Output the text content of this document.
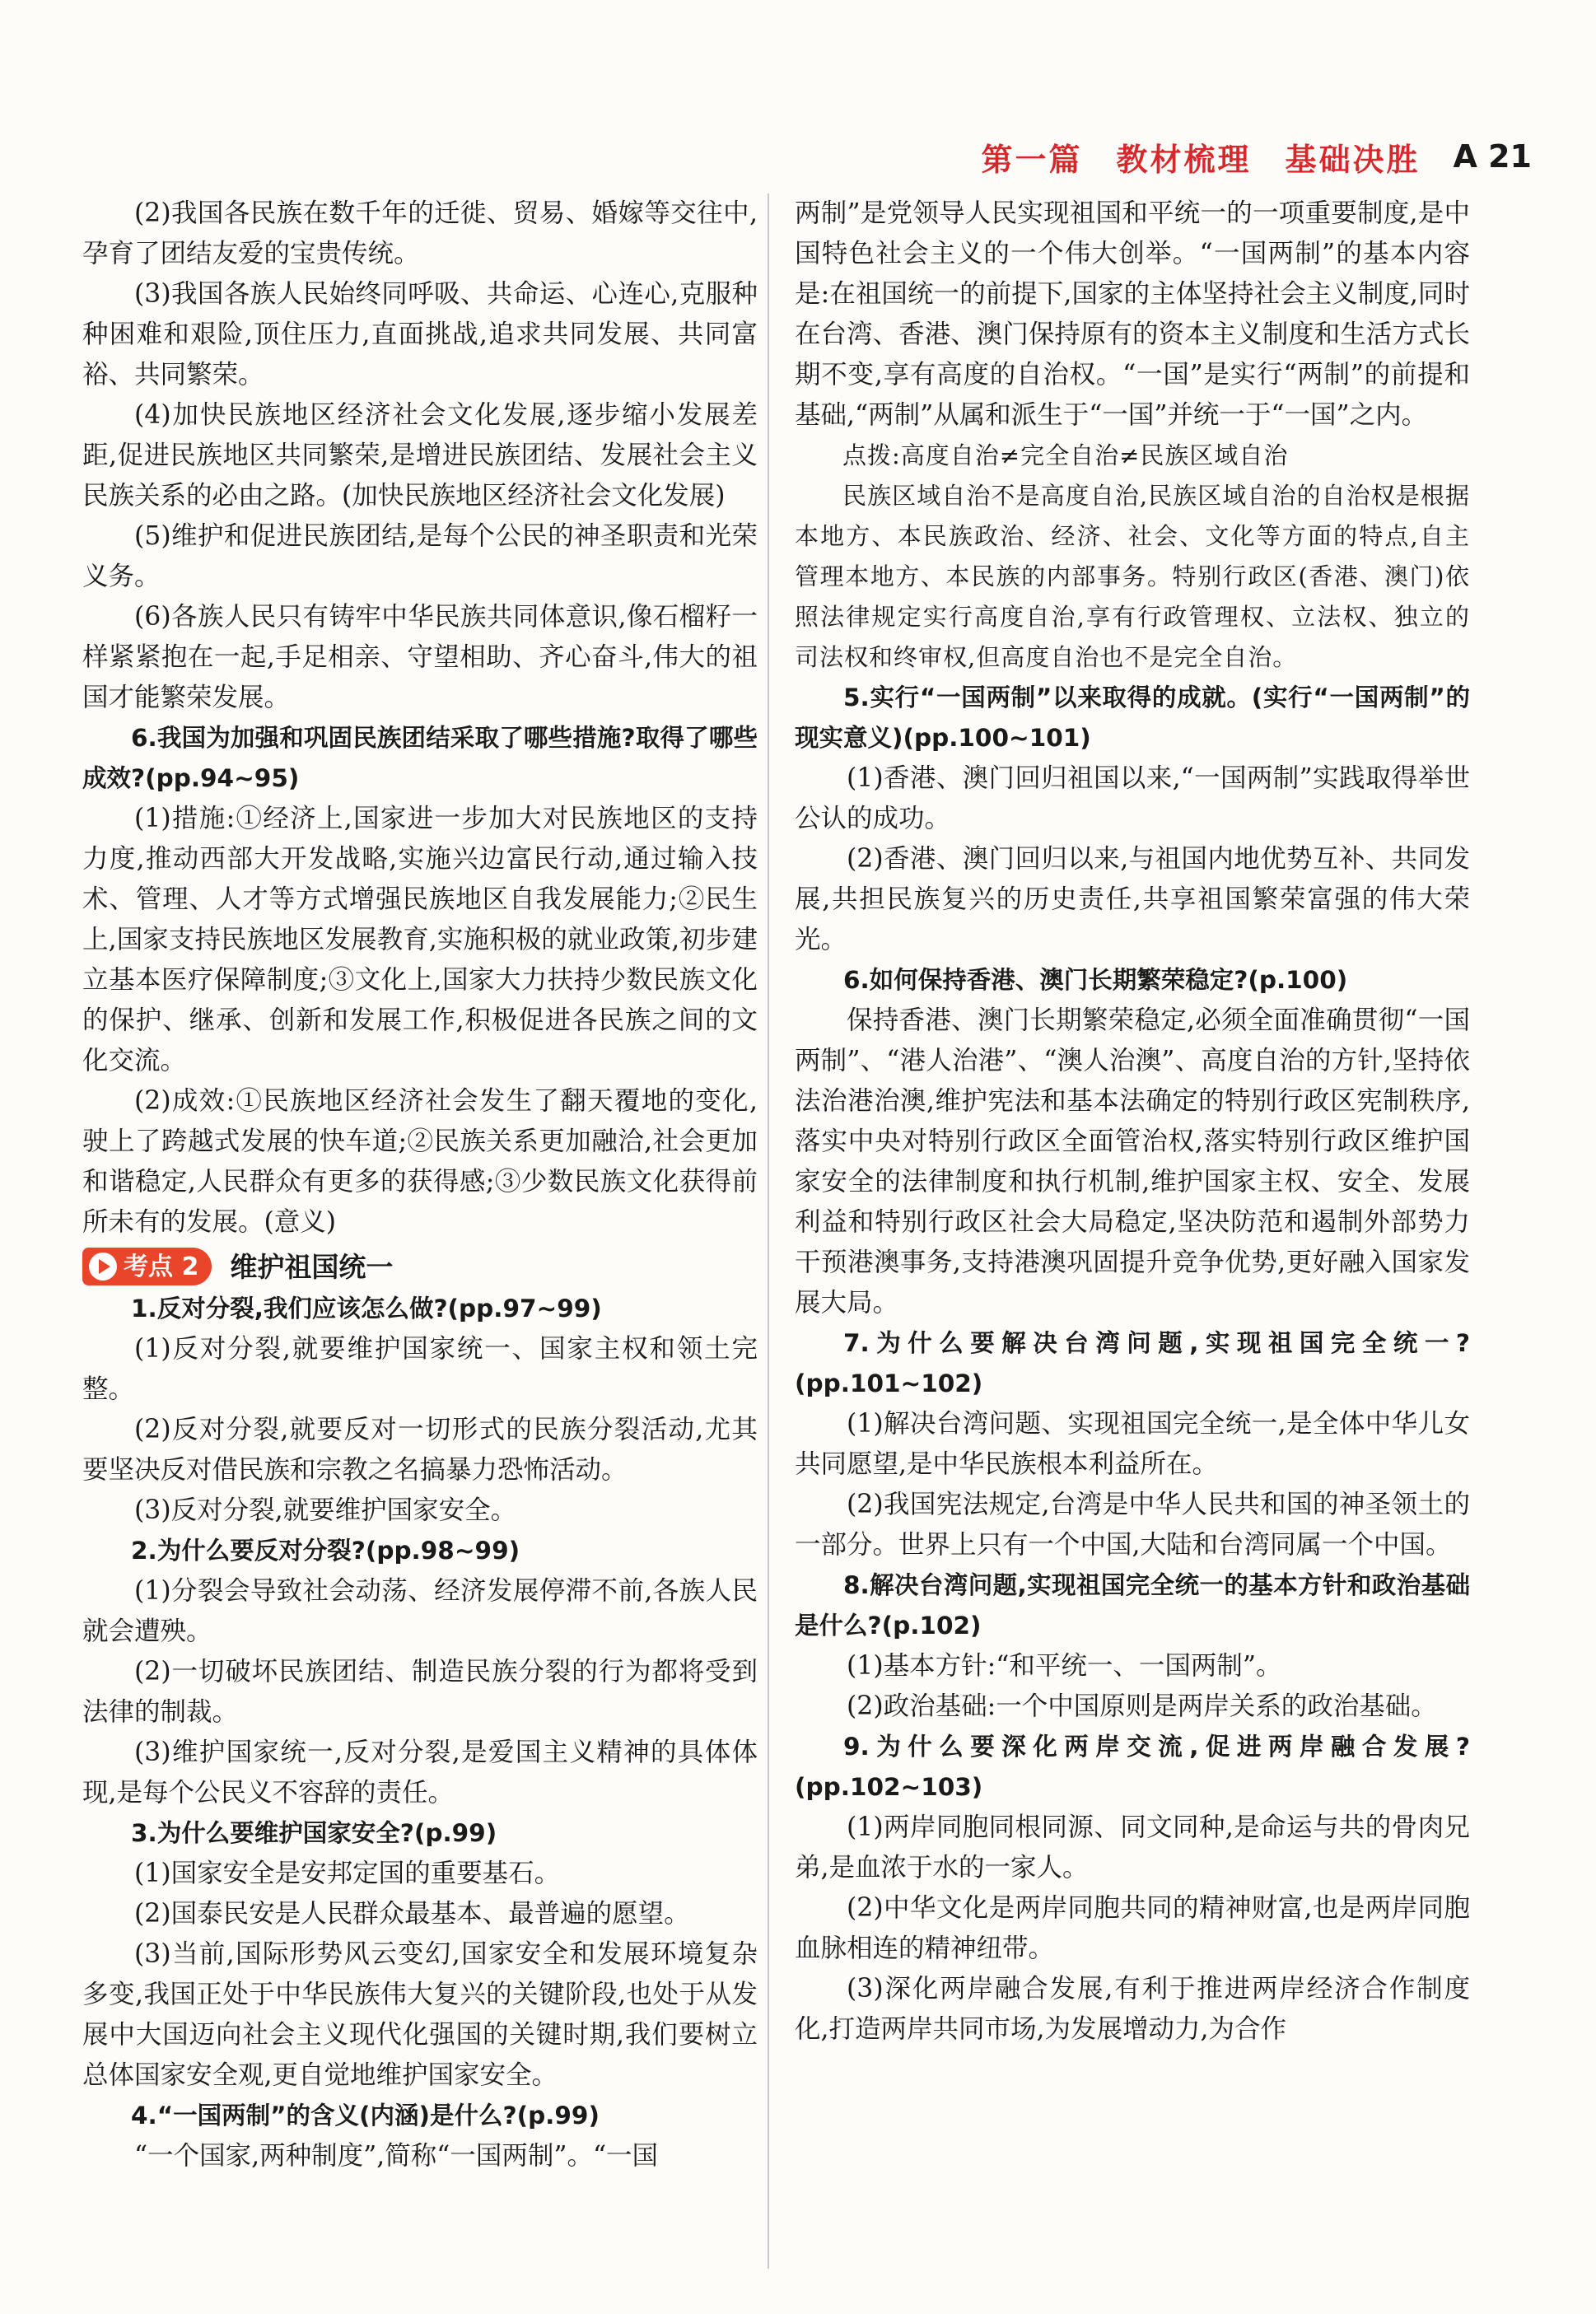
第一篇　教材梳理　基础决胜 A 21

(2)我国各民族在数千年的迁徙、贸易、婚嫁等交往中,孕育了团结友爱的宝贵传统。

(3)我国各族人民始终同呼吸、共命运、心连心,克服种种困难和艰险,顶住压力,直面挑战,追求共同发展、共同富裕、共同繁荣。

(4)加快民族地区经济社会文化发展,逐步缩小发展差距,促进民族地区共同繁荣,是增进民族团结、发展社会主义民族关系的必由之路。(加快民族地区经济社会文化发展)

(5)维护和促进民族团结,是每个公民的神圣职责和光荣义务。

(6)各族人民只有铸牢中华民族共同体意识,像石榴籽一样紧紧抱在一起,手足相亲、守望相助、齐心奋斗,伟大的祖国才能繁荣发展。

6.我国为加强和巩固民族团结采取了哪些措施?取得了哪些成效?(pp.94~95)

(1)措施:①经济上,国家进一步加大对民族地区的支持力度,推动西部大开发战略,实施兴边富民行动,通过输入技术、管理、人才等方式增强民族地区自我发展能力;②民生上,国家支持民族地区发展教育,实施积极的就业政策,初步建立基本医疗保障制度;③文化上,国家大力扶持少数民族文化的保护、继承、创新和发展工作,积极促进各民族之间的文化交流。

(2)成效:①民族地区经济社会发生了翻天覆地的变化,驶上了跨越式发展的快车道;②民族关系更加融洽,社会更加和谐稳定,人民群众有更多的获得感;③少数民族文化获得前所未有的发展。(意义)

考点 2 维护祖国统一

1.反对分裂,我们应该怎么做?(pp.97~99)

(1)反对分裂,就要维护国家统一、国家主权和领土完整。

(2)反对分裂,就要反对一切形式的民族分裂活动,尤其要坚决反对借民族和宗教之名搞暴力恐怖活动。

(3)反对分裂,就要维护国家安全。

2.为什么要反对分裂?(pp.98~99)

(1)分裂会导致社会动荡、经济发展停滞不前,各族人民就会遭殃。

(2)一切破坏民族团结、制造民族分裂的行为都将受到法律的制裁。

(3)维护国家统一,反对分裂,是爱国主义精神的具体体现,是每个公民义不容辞的责任。

3.为什么要维护国家安全?(p.99)

(1)国家安全是安邦定国的重要基石。

(2)国泰民安是人民群众最基本、最普遍的愿望。

(3)当前,国际形势风云变幻,国家安全和发展环境复杂多变,我国正处于中华民族伟大复兴的关键阶段,也处于从发展中大国迈向社会主义现代化强国的关键时期,我们要树立总体国家安全观,更自觉地维护国家安全。

4.“一国两制”的含义(内涵)是什么?(p.99)

“一个国家,两种制度”,简称“一国两制”。“一国

两制”是党领导人民实现祖国和平统一的一项重要制度,是中国特色社会主义的一个伟大创举。“一国两制”的基本内容是:在祖国统一的前提下,国家的主体坚持社会主义制度,同时在台湾、香港、澳门保持原有的资本主义制度和生活方式长期不变,享有高度的自治权。“一国”是实行“两制”的前提和基础,“两制”从属和派生于“一国”并统一于“一国”之内。

点拨:高度自治≠完全自治≠民族区域自治

民族区域自治不是高度自治,民族区域自治的自治权是根据本地方、本民族政治、经济、社会、文化等方面的特点,自主管理本地方、本民族的内部事务。特别行政区(香港、澳门)依照法律规定实行高度自治,享有行政管理权、立法权、独立的司法权和终审权,但高度自治也不是完全自治。

5.实行“一国两制”以来取得的成就。(实行“一国两制”的现实意义)(pp.100~101)

(1)香港、澳门回归祖国以来,“一国两制”实践取得举世公认的成功。

(2)香港、澳门回归以来,与祖国内地优势互补、共同发展,共担民族复兴的历史责任,共享祖国繁荣富强的伟大荣光。

6.如何保持香港、澳门长期繁荣稳定?(p.100)

保持香港、澳门长期繁荣稳定,必须全面准确贯彻“一国两制”、“港人治港”、“澳人治澳”、高度自治的方针,坚持依法治港治澳,维护宪法和基本法确定的特别行政区宪制秩序,落实中央对特别行政区全面管治权,落实特别行政区维护国家安全的法律制度和执行机制,维护国家主权、安全、发展利益和特别行政区社会大局稳定,坚决防范和遏制外部势力干预港澳事务,支持港澳巩固提升竞争优势,更好融入国家发展大局。

7.为什么要解决台湾问题,实现祖国完全统一?(pp.101~102)

(1)解决台湾问题、实现祖国完全统一,是全体中华儿女共同愿望,是中华民族根本利益所在。

(2)我国宪法规定,台湾是中华人民共和国的神圣领土的一部分。世界上只有一个中国,大陆和台湾同属一个中国。

8.解决台湾问题,实现祖国完全统一的基本方针和政治基础是什么?(p.102)

(1)基本方针:“和平统一、一国两制”。

(2)政治基础:一个中国原则是两岸关系的政治基础。

9.为什么要深化两岸交流,促进两岸融合发展?(pp.102~103)

(1)两岸同胞同根同源、同文同种,是命运与共的骨肉兄弟,是血浓于水的一家人。

(2)中华文化是两岸同胞共同的精神财富,也是两岸同胞血脉相连的精神纽带。

(3)深化两岸融合发展,有利于推进两岸经济合作制度化,打造两岸共同市场,为发展增动力,为合作
